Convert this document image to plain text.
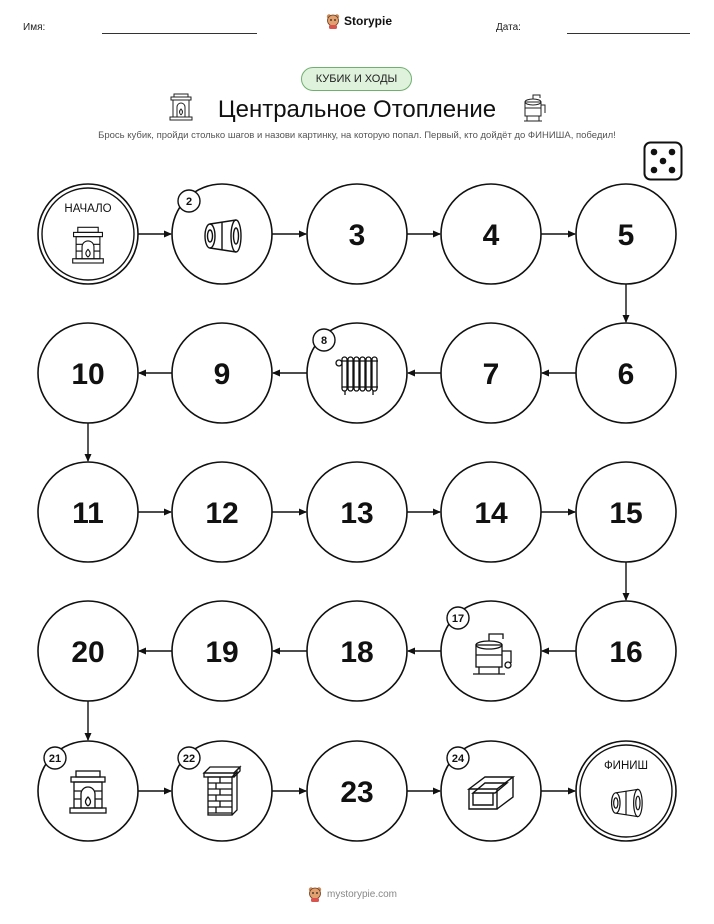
Имя:	Storypie	Дата:
КУБИК И ХОДЫ
Центральное Отопление
Брось кубик, пройди столько шагов и назови картинку, на которую попал. Первый, кто дойдёт до ФИНИША, победил!
НАЧАЛО
2
3	4	5
6
7
8
9
10
11	12	13	14	15
16
17
18
19
20
21	22
23
24
ФИНИШ
mystorypie.com
